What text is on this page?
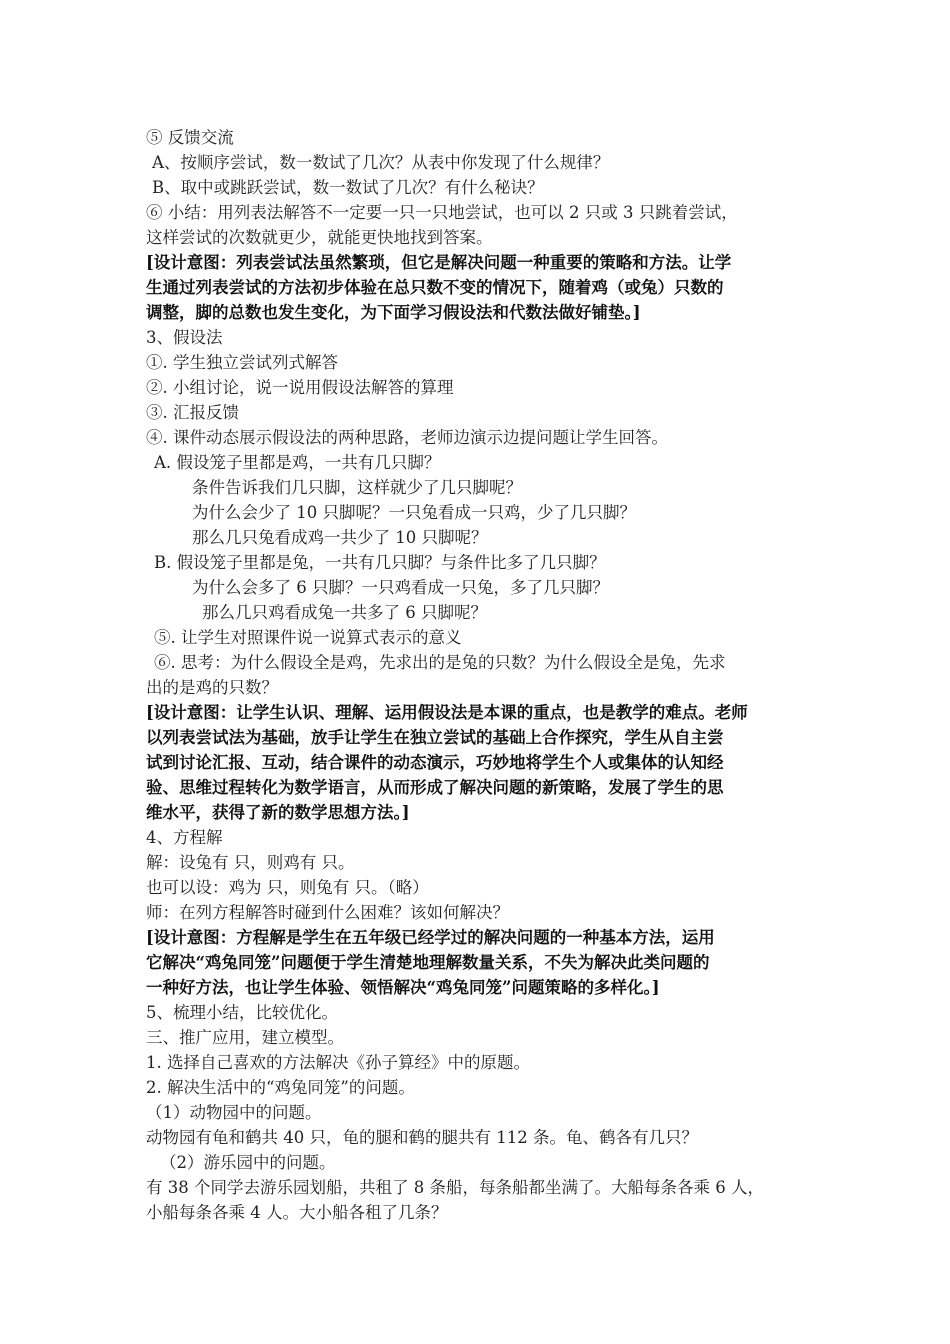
⑤ 反馈交流
A、按顺序尝试，数一数试了几次？从表中你发现了什么规律？
B、取中或跳跃尝试，数一数试了几次？有什么秘诀？
⑥ 小结：用列表法解答不一定要一只一只地尝试，也可以 2 只或 3 只跳着尝试，
这样尝试的次数就更少，就能更快地找到答案。
[设计意图：列表尝试法虽然繁琐，但它是解决问题一种重要的策略和方法。让学
生通过列表尝试的方法初步体验在总只数不变的情况下，随着鸡（或兔）只数的
调整，脚的总数也发生变化，为下面学习假设法和代数法做好铺垫。]
3、假设法
①. 学生独立尝试列式解答
②. 小组讨论，说一说用假设法解答的算理
③. 汇报反馈
④. 课件动态展示假设法的两种思路，老师边演示边提问题让学生回答。
A. 假设笼子里都是鸡，一共有几只脚？
条件告诉我们几只脚，这样就少了几只脚呢？
为什么会少了 10 只脚呢？一只兔看成一只鸡，少了几只脚？
那么几只兔看成鸡一共少了 10 只脚呢？
B. 假设笼子里都是兔，一共有几只脚？与条件比多了几只脚？
为什么会多了 6 只脚？一只鸡看成一只兔，多了几只脚？
那么几只鸡看成兔一共多了 6 只脚呢？
⑤. 让学生对照课件说一说算式表示的意义
⑥. 思考：为什么假设全是鸡，先求出的是兔的只数？为什么假设全是兔，先求
出的是鸡的只数？
[设计意图：让学生认识、理解、运用假设法是本课的重点，也是教学的难点。老师
以列表尝试法为基础，放手让学生在独立尝试的基础上合作探究，学生从自主尝
试到讨论汇报、互动，结合课件的动态演示，巧妙地将学生个人或集体的认知经
验、思维过程转化为数学语言，从而形成了解决问题的新策略，发展了学生的思
维水平，获得了新的数学思想方法。]
4、方程解
解：设兔有 只，则鸡有 只。
也可以设：鸡为 只，则兔有 只。（略）
师：在列方程解答时碰到什么困难？该如何解决？
[设计意图：方程解是学生在五年级已经学过的解决问题的一种基本方法，运用
它解决“鸡兔同笼”问题便于学生清楚地理解数量关系，不失为解决此类问题的
一种好方法，也让学生体验、领悟解决“鸡兔同笼”问题策略的多样化。]
5、梳理小结，比较优化。
三、推广应用，建立模型。
1. 选择自己喜欢的方法解决《孙子算经》中的原题。
2. 解决生活中的“鸡兔同笼”的问题。
（1）动物园中的问题。
动物园有龟和鹤共 40 只，龟的腿和鹤的腿共有 112 条。龟、鹤各有几只？
（2）游乐园中的问题。
有 38 个同学去游乐园划船，共租了 8 条船，每条船都坐满了。大船每条各乘 6 人，
小船每条各乘 4 人。大小船各租了几条？
